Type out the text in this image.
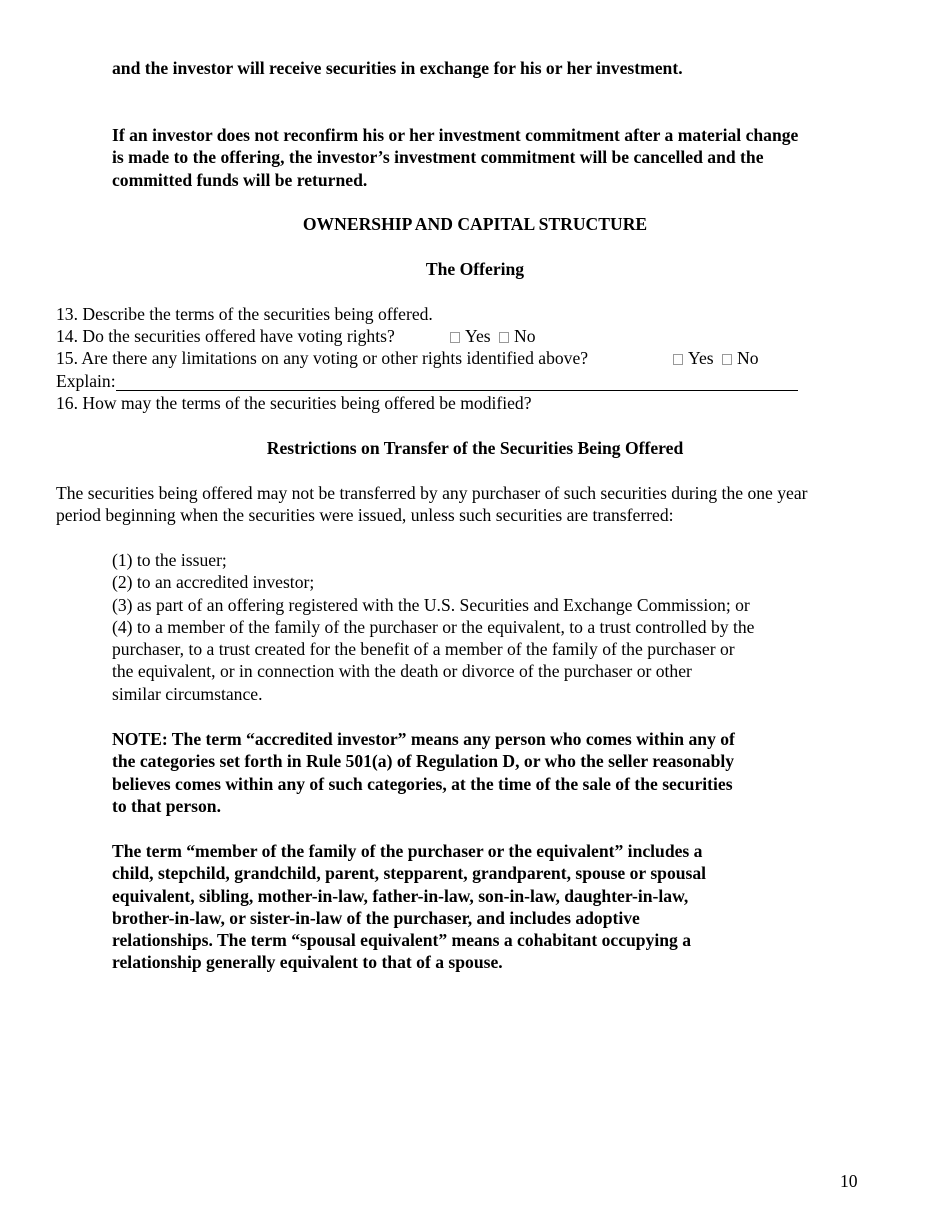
and the investor will receive securities in exchange for his or her investment.
If an investor does not reconfirm his or her investment commitment after a material change
is made to the offering, the investor’s investment commitment will be cancelled and the
committed funds will be returned.
OWNERSHIP AND CAPITAL STRUCTURE
The Offering
13. Describe the terms of the securities being offered.
14. Do the securities offered have voting rights?	Yes No
15. Are there any limitations on any voting or other rights identified above?	Yes No
Explain:
16. How may the terms of the securities being offered be modified?
Restrictions on Transfer of the Securities Being Offered
The securities being offered may not be transferred by any purchaser of such securities during the one year
period beginning when the securities were issued, unless such securities are transferred:
(1) to the issuer;
(2) to an accredited investor;
(3) as part of an offering registered with the U.S. Securities and Exchange Commission; or
(4) to a member of the family of the purchaser or the equivalent, to a trust controlled by the
purchaser, to a trust created for the benefit of a member of the family of the purchaser or
the equivalent, or in connection with the death or divorce of the purchaser or other
similar circumstance.
NOTE: The term “accredited investor” means any person who comes within any of
the categories set forth in Rule 501(a) of Regulation D, or who the seller reasonably
believes comes within any of such categories, at the time of the sale of the securities
to that person.
The term “member of the family of the purchaser or the equivalent” includes a
child, stepchild, grandchild, parent, stepparent, grandparent, spouse or spousal
equivalent, sibling, mother-in-law, father-in-law, son-in-law, daughter-in-law,
brother-in-law, or sister-in-law of the purchaser, and includes adoptive
relationships. The term “spousal equivalent” means a cohabitant occupying a
relationship generally equivalent to that of a spouse.
10
